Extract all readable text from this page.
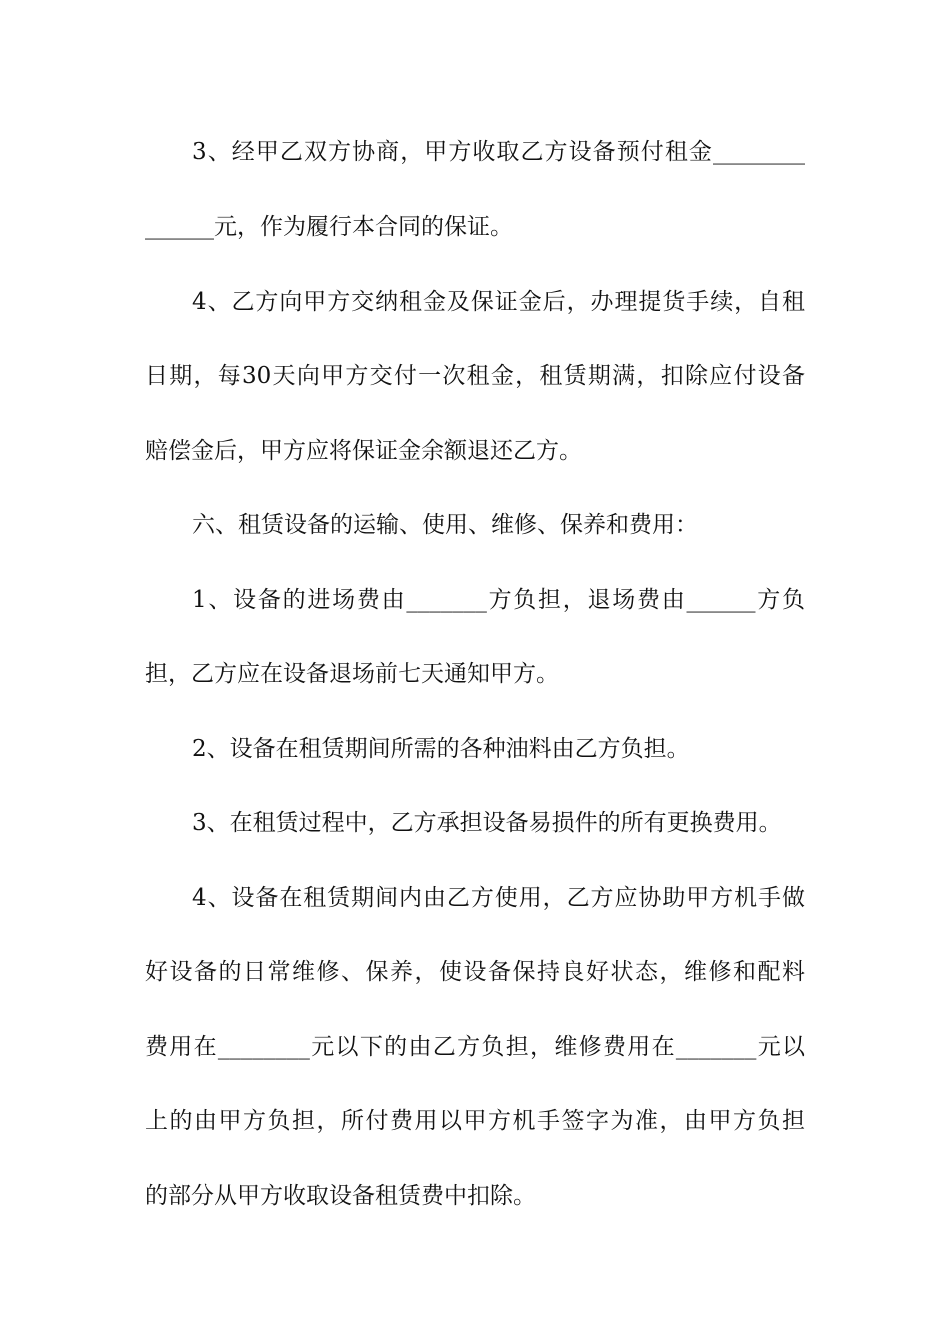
3、经甲乙双方协商，甲方收取乙方设备预付租金________
______元，作为履行本合同的保证。
4、乙方向甲方交纳租金及保证金后，办理提货手续，自租
日期，每30天向甲方交付一次租金，租赁期满，扣除应付设备
赔偿金后，甲方应将保证金余额退还乙方。
六、租赁设备的运输、使用、维修、保养和费用：
1、设备的进场费由_______方负担，退场费由______方负
担，乙方应在设备退场前七天通知甲方。
2、设备在租赁期间所需的各种油料由乙方负担。
3、在租赁过程中，乙方承担设备易损件的所有更换费用。
4、设备在租赁期间内由乙方使用，乙方应协助甲方机手做
好设备的日常维修、保养，使设备保持良好状态，维修和配料
费用在________元以下的由乙方负担，维修费用在_______元以
上的由甲方负担，所付费用以甲方机手签字为准，由甲方负担
的部分从甲方收取设备租赁费中扣除。
